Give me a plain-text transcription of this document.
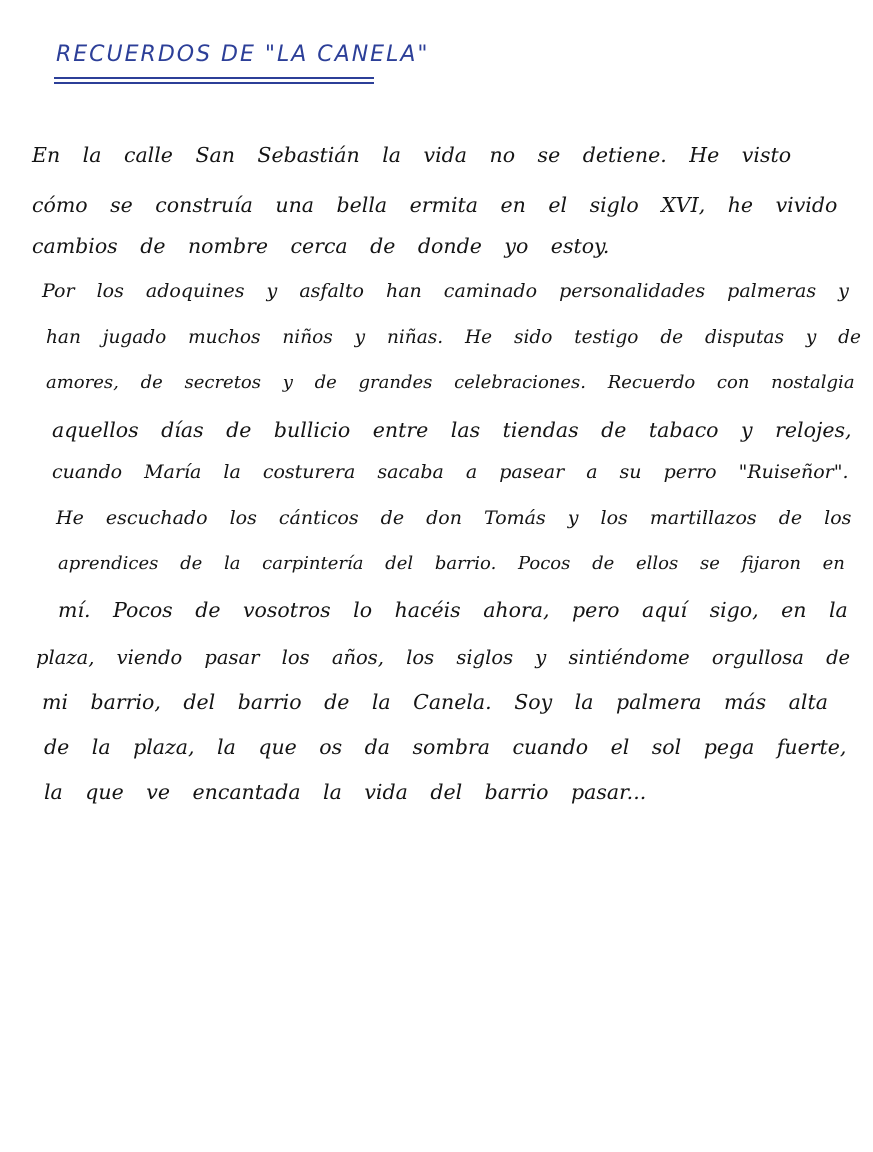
RECUERDOS DE "LA CANELA"
En la calle San Sebastián la vida no se detiene. He visto
cómo se construía una bella ermita en el siglo XVI, he vivido
cambios de nombre cerca de donde yo estoy.
Por los adoquines y asfalto han caminado personalidades palmeras y
han jugado muchos niños y niñas. He sido testigo de disputas y de
amores, de secretos y de grandes celebraciones. Recuerdo con nostalgia
aquellos días de bullicio entre las tiendas de tabaco y relojes,
cuando María la costurera sacaba a pasear a su perro "Ruiseñor".
He escuchado los cánticos de don Tomás y los martillazos de los
aprendices de la carpintería del barrio. Pocos de ellos se fijaron en
mí. Pocos de vosotros lo hacéis ahora, pero aquí sigo, en la
plaza, viendo pasar los años, los siglos y sintiéndome orgullosa de
mi barrio, del barrio de la Canela. Soy la palmera más alta
de la plaza, la que os da sombra cuando el sol pega fuerte,
la que ve encantada la vida del barrio pasar...
